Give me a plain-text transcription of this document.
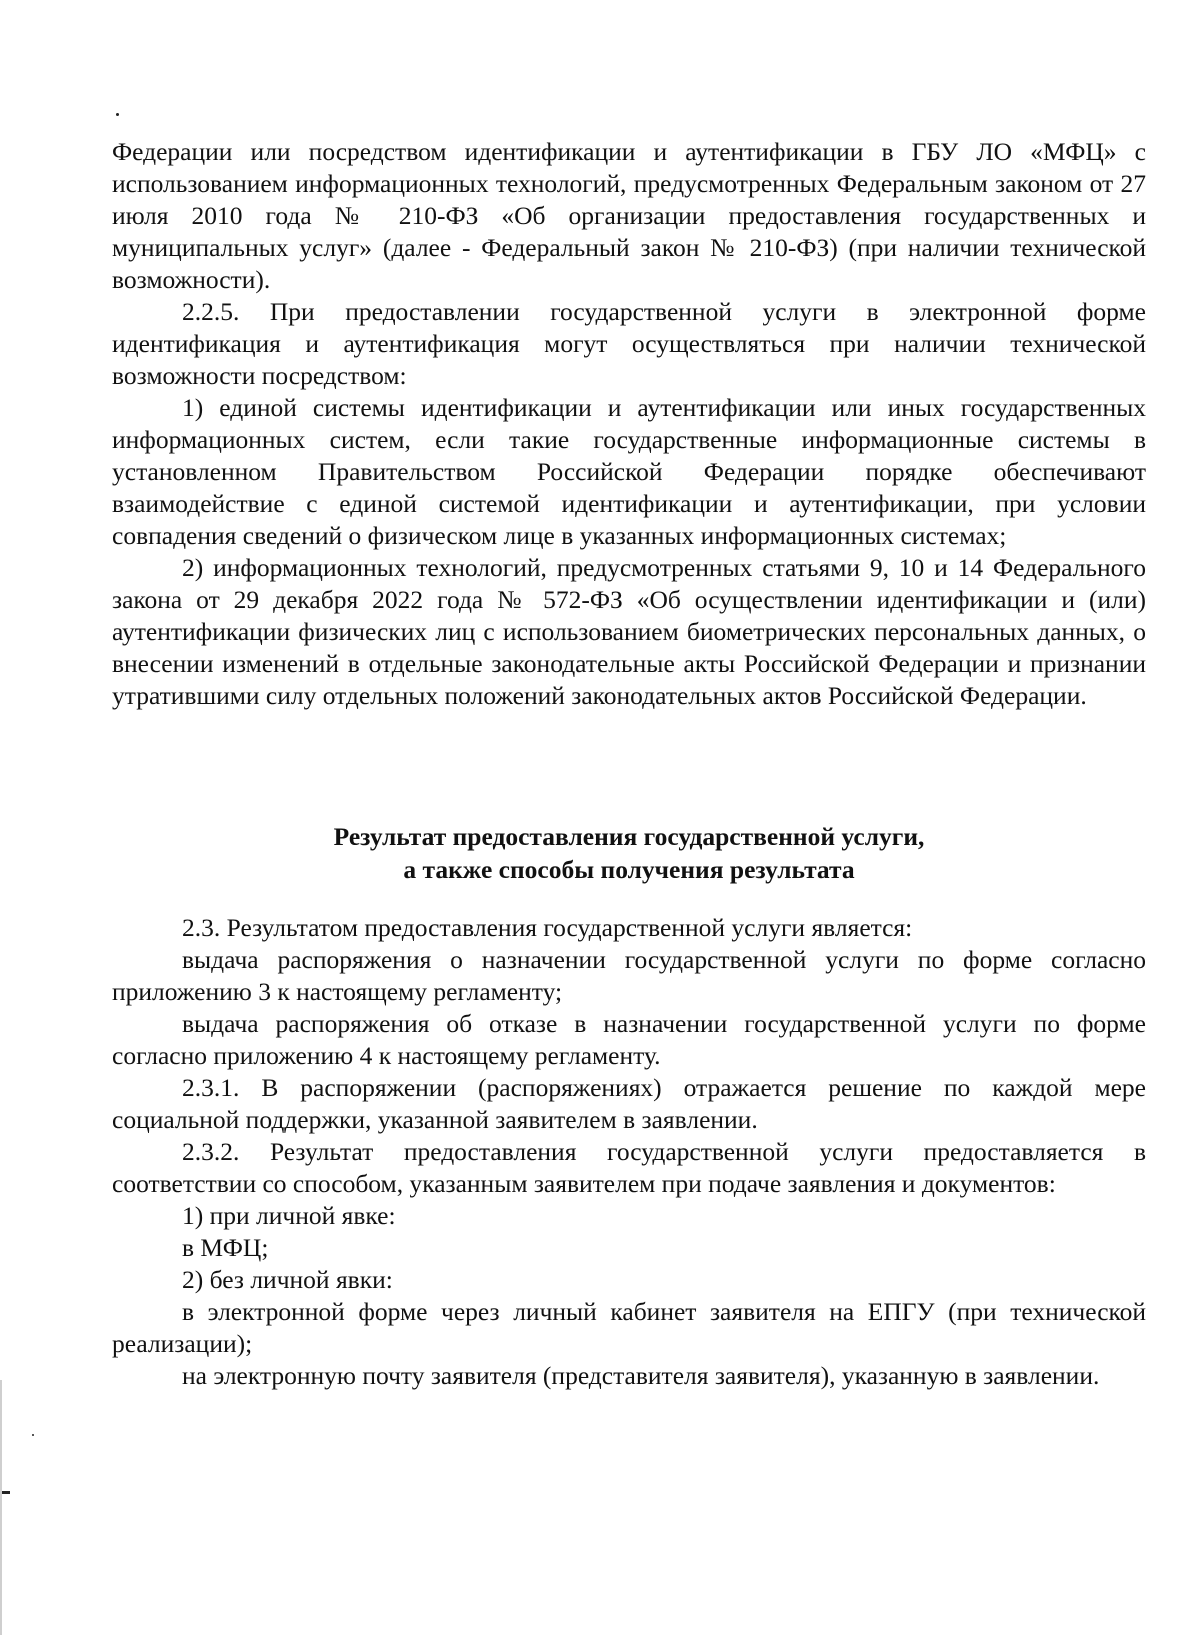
Федерации или посредством идентификации и аутентификации в ГБУ ЛО «МФЦ» с использованием информационных технологий, предусмотренных Федеральным законом от 27 июля 2010 года № 210-ФЗ «Об организации предоставления государственных и муниципальных услуг» (далее - Федеральный закон № 210-ФЗ) (при наличии технической возможности).

2.2.5. При предоставлении государственной услуги в электронной форме идентификация и аутентификация могут осуществляться при наличии технической возможности посредством:

1) единой системы идентификации и аутентификации или иных государственных информационных систем, если такие государственные информационные системы в установленном Правительством Российской Федерации порядке обеспечивают взаимодействие с единой системой идентификации и аутентификации, при условии совпадения сведений о физическом лице в указанных информационных системах;

2) информационных технологий, предусмотренных статьями 9, 10 и 14 Федерального закона от 29 декабря 2022 года № 572-ФЗ «Об осуществлении идентификации и (или) аутентификации физических лиц с использованием биометрических персональных данных, о внесении изменений в отдельные законодательные акты Российской Федерации и признании утратившими силу отдельных положений законодательных актов Российской Федерации.

Результат предоставления государственной услуги,
а также способы получения результата

2.3. Результатом предоставления государственной услуги является:

выдача распоряжения о назначении государственной услуги по форме согласно приложению 3 к настоящему регламенту;

выдача распоряжения об отказе в назначении государственной услуги по форме согласно приложению 4 к настоящему регламенту.

2.3.1. В распоряжении (распоряжениях) отражается решение по каждой мере социальной поддержки, указанной заявителем в заявлении.

2.3.2. Результат предоставления государственной услуги предоставляется в соответствии со способом, указанным заявителем при подаче заявления и документов:

1) при личной явке:

в МФЦ;

2) без личной явки:

в электронной форме через личный кабинет заявителя на ЕПГУ (при технической реализации);

на электронную почту заявителя (представителя заявителя), указанную в заявлении.
